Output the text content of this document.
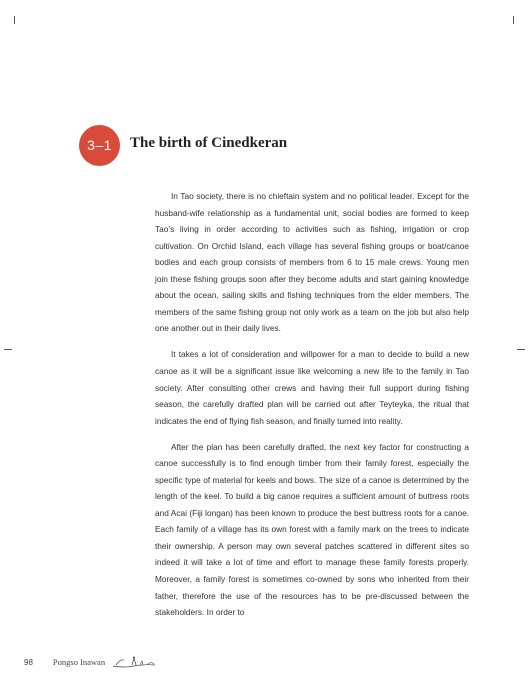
3–1	The birth of Cinedkeran

In Tao society, there is no chieftain system and no political leader. Except for the husband-wife relationship as a fundamental unit, social bodies are formed to keep Tao’s living in order according to activities such as fishing, irrigation or crop cultivation. On Orchid Island, each village has several fishing groups or boat/canoe bodies and each group consists of members from 6 to 15 male crews. Young men join these fishing groups soon after they become adults and start gaining knowledge about the ocean, sailing skills and fishing techniques from the elder members. The members of the same fishing group not only work as a team on the job but also help one another out in their daily lives.

It takes a lot of consideration and willpower for a man to decide to build a new canoe as it will be a significant issue like welcoming a new life to the family in Tao society. After consulting other crews and having their full support during fishing season, the carefully drafted plan will be carried out after Teyteyka, the ritual that indicates the end of flying fish season, and finally turned into reality.

After the plan has been carefully drafted, the next key factor for constructing a canoe successfully is to find enough timber from their family forest, especially the specific type of material for keels and bows. The size of a canoe is determined by the length of the keel. To build a big canoe requires a sufficient amount of buttress roots and Acai (Fiji longan) has been known to produce the best buttress roots for a canoe. Each family of a village has its own forest with a family mark on the trees to indicate their ownership. A person may own several patches scattered in different sites so indeed it will take a lot of time and effort to manage these family forests properly. Moreover, a family forest is sometimes co-owned by sons who inherited from their father, therefore the use of the resources has to be pre-discussed between the stakeholders. In order to

98 Pongso Inawan
